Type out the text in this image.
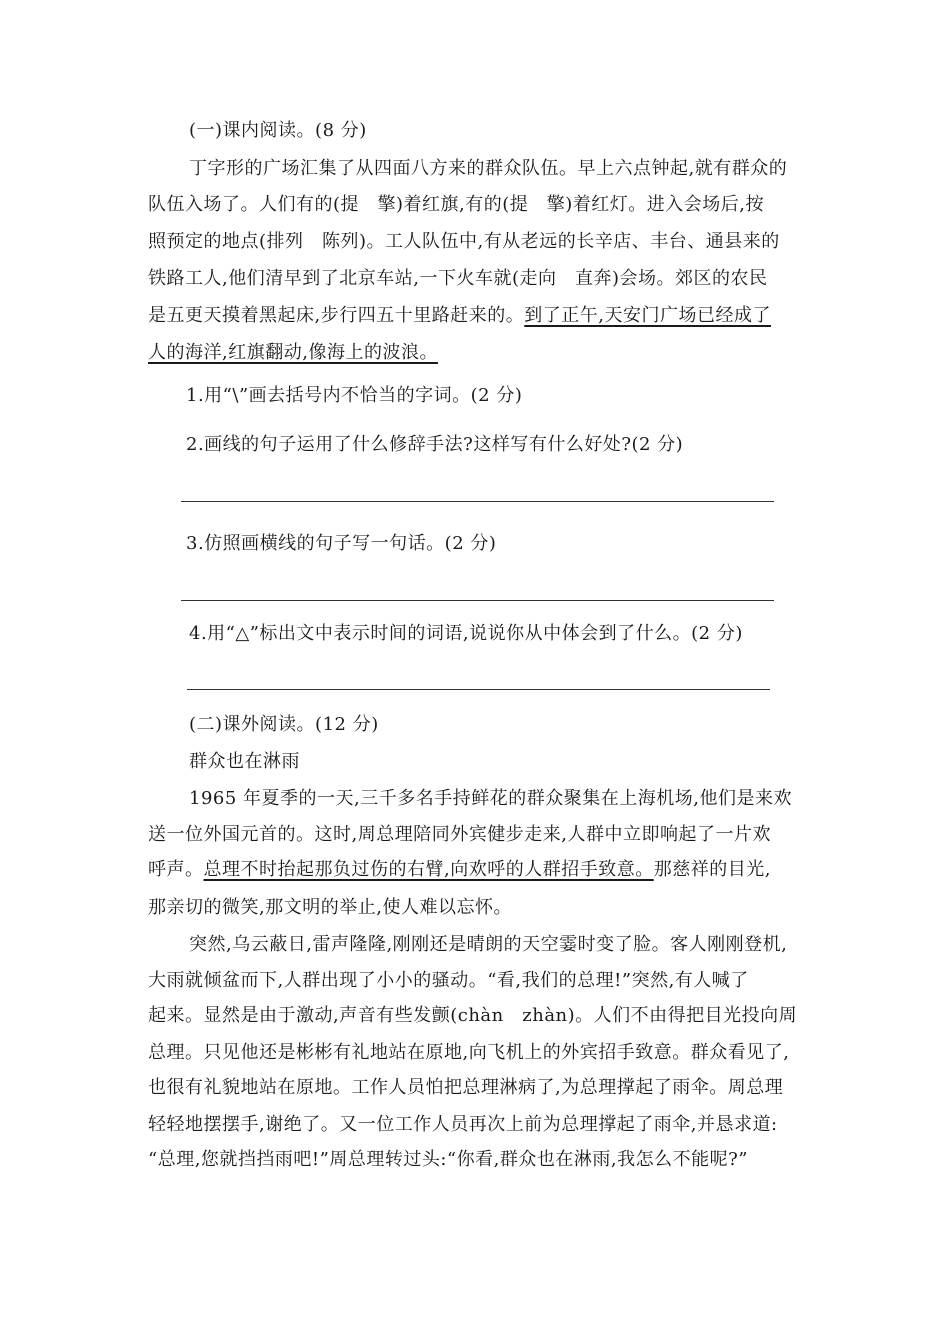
(一)课内阅读。(8 分)
丁字形的广场汇集了从四面八方来的群众队伍。早上六点钟起,就有群众的
队伍入场了。人们有的(提　擎)着红旗,有的(提　擎)着红灯。进入会场后,按
照预定的地点(排列　陈列)。工人队伍中,有从老远的长辛店、丰台、通县来的
铁路工人,他们清早到了北京车站,一下火车就(走向　直奔)会场。郊区的农民
是五更天摸着黑起床,步行四五十里路赶来的。到了正午,天安门广场已经成了
人的海洋,红旗翻动,像海上的波浪。
1.用“\”画去括号内不恰当的字词。(2 分)
2.画线的句子运用了什么修辞手法?这样写有什么好处?(2 分)
3.仿照画横线的句子写一句话。(2 分)
4.用“△”标出文中表示时间的词语,说说你从中体会到了什么。(2 分)
(二)课外阅读。(12 分)
群众也在淋雨
1965 年夏季的一天,三千多名手持鲜花的群众聚集在上海机场,他们是来欢
送一位外国元首的。这时,周总理陪同外宾健步走来,人群中立即响起了一片欢
呼声。总理不时抬起那负过伤的右臂,向欢呼的人群招手致意。那慈祥的目光,
那亲切的微笑,那文明的举止,使人难以忘怀。
突然,乌云蔽日,雷声隆隆,刚刚还是晴朗的天空霎时变了脸。客人刚刚登机,
大雨就倾盆而下,人群出现了小小的骚动。“看,我们的总理!”突然,有人喊了
起来。显然是由于激动,声音有些发颤(chàn　zhàn)。人们不由得把目光投向周
总理。只见他还是彬彬有礼地站在原地,向飞机上的外宾招手致意。群众看见了,
也很有礼貌地站在原地。工作人员怕把总理淋病了,为总理撑起了雨伞。周总理
轻轻地摆摆手,谢绝了。又一位工作人员再次上前为总理撑起了雨伞,并恳求道:
“总理,您就挡挡雨吧!”周总理转过头:“你看,群众也在淋雨,我怎么不能呢?”
